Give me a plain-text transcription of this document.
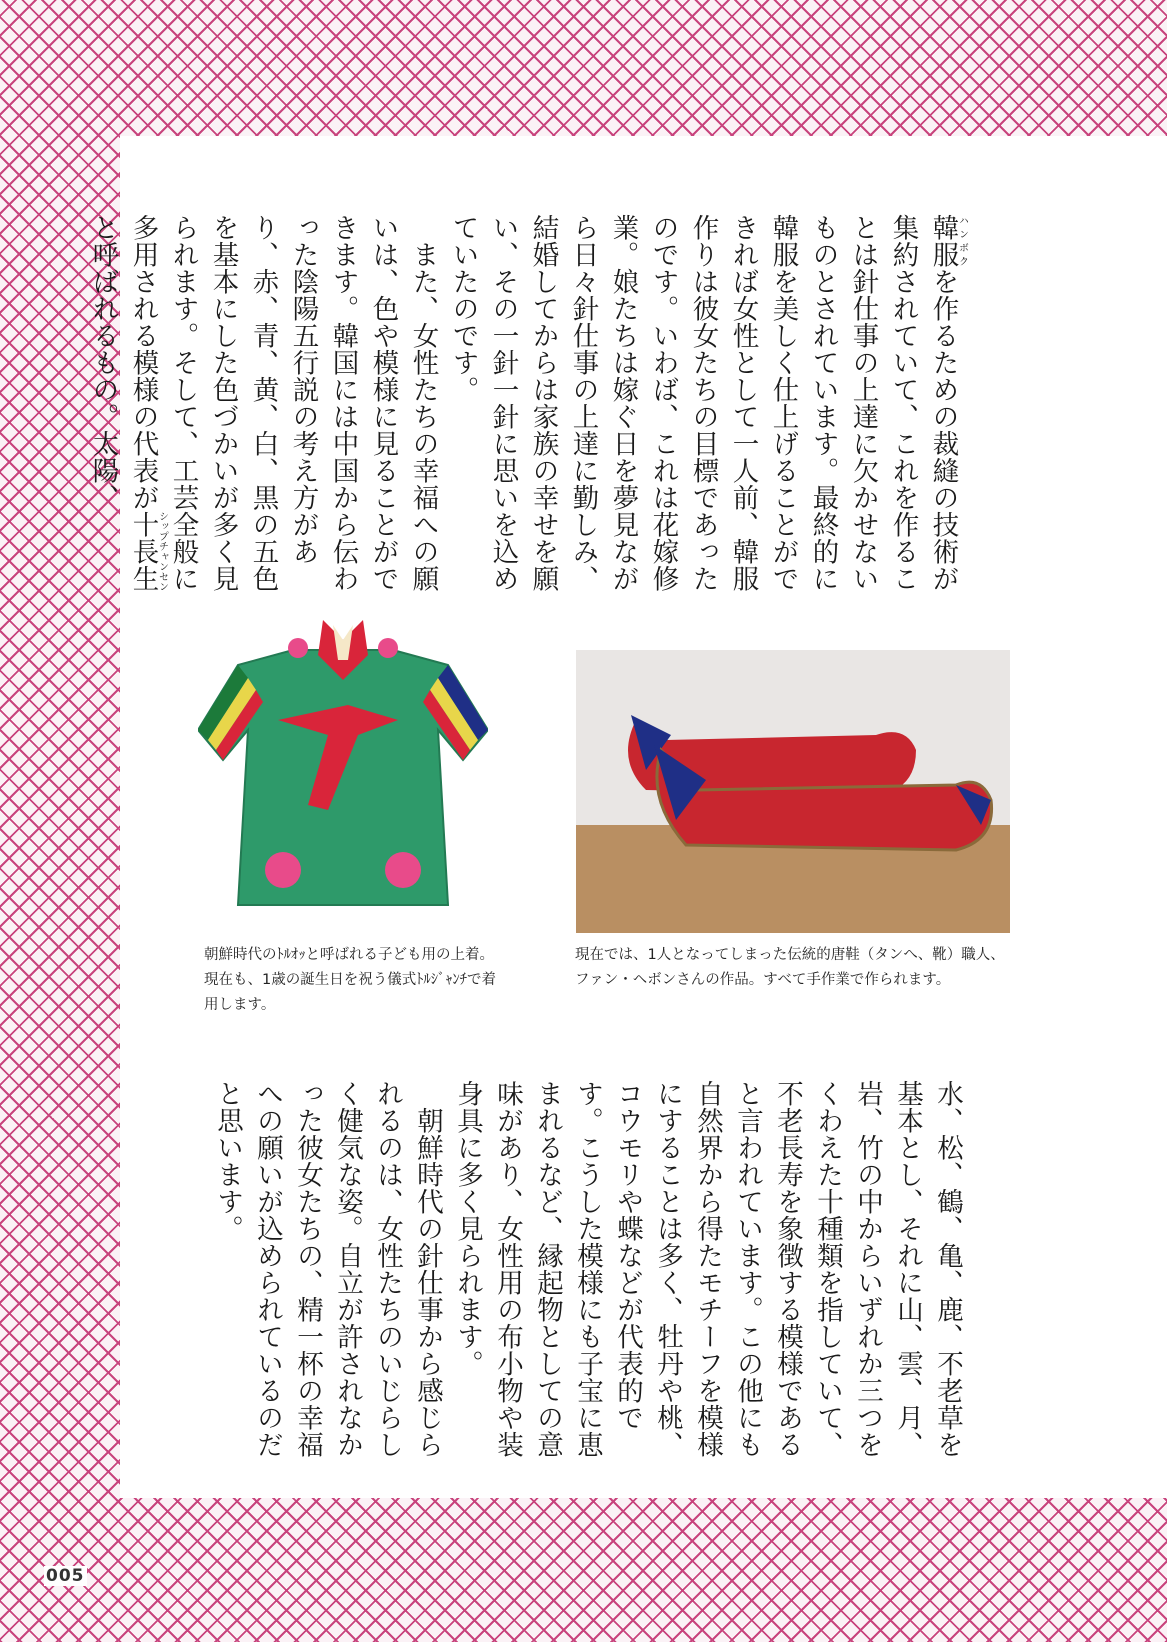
韓服ハンボクを作るための裁縫の技術が集約されていて、これを作ることは針仕事の上達に欠かせないものとされています。最終的に韓服を美しく仕上げることができれば女性として一人前、韓服作りは彼女たちの目標であったのです。いわば、これは花嫁修業。娘たちは嫁ぐ日を夢見ながら日々針仕事の上達に勤しみ、結婚してからは家族の幸せを願い、その一針一針に思いを込めていたのです。

　また、女性たちの幸福への願いは、色や模様に見ることができます。韓国には中国から伝わった陰陽五行説の考え方があり、赤、青、黄、白、黒の五色を基本にした色づかいが多く見られます。そして、工芸全般に多用される模様の代表が十長生シップチャンセンと呼ばれるもの。太陽、

朝鮮時代のﾄﾙｵｯと呼ばれる子ども用の上着。現在も、1歳の誕生日を祝う儀式ﾄﾙｼﾞｬﾝﾁで着用します。

現在では、1人となってしまった伝統的唐鞋（タンへ、靴）職人、ファン・ヘボンさんの作品。すべて手作業で作られます。

水、松、鶴、亀、鹿、不老草を基本とし、それに山、雲、月、岩、竹の中からいずれか三つをくわえた十種類を指していて、不老長寿を象徴する模様であると言われています。この他にも自然界から得たモチーフを模様にすることは多く、牡丹や桃、コウモリや蝶などが代表的です。こうした模様にも子宝に恵まれるなど、縁起物としての意味があり、女性用の布小物や装身具に多く見られます。

　朝鮮時代の針仕事から感じられるのは、女性たちのいじらしく健気な姿。自立が許されなかった彼女たちの、精一杯の幸福への願いが込められているのだと思います。

005
